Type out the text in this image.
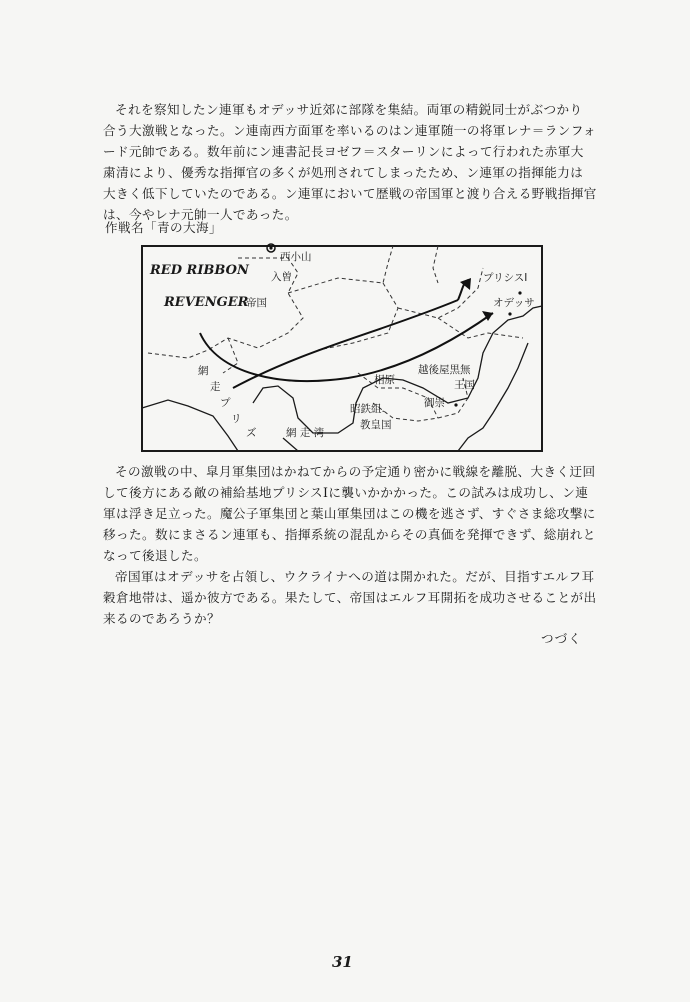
それを察知したン連軍もオデッサ近郊に部隊を集結。両軍の精鋭同士がぶつかり
合う大激戦となった。ン連南西方面軍を率いるのはン連軍随一の将軍レナ＝ランフォ
ード元帥である。数年前にン連書記長ヨゼフ＝スターリンによって行われた赤軍大
粛清により、優秀な指揮官の多くが処刑されてしまったため、ン連軍の指揮能力は
大きく低下していたのである。ン連軍において歴戦の帝国軍と渡り合える野戦指揮官
は、今やレナ元帥一人であった。
作戦名「青の大海」
RED RIBBON
REVENGER
帝国
西小山
入曽	プリシスⅠ
オデッサ
網
走
プ
リ
ズ	網 走 湾
相原
越後屋黒無
王国
御崇
昭鉄組.
教皇国
その激戦の中、皐月軍集団はかねてからの予定通り密かに戦線を離脱、大きく迂回
して後方にある敵の補給基地プリシスⅠに襲いかかかった。この試みは成功し、ン連
軍は浮き足立った。魔公子軍集団と葉山軍集団はこの機を逃さず、すぐさま総攻撃に
移った。数にまさるン連軍も、指揮系統の混乱からその真価を発揮できず、総崩れと
なって後退した。
帝国軍はオデッサを占領し、ウクライナへの道は開かれた。だが、目指すエルフ耳
穀倉地帯は、遥か彼方である。果たして、帝国はエルフ耳開拓を成功させることが出
来るのであろうか？
つづく
31
